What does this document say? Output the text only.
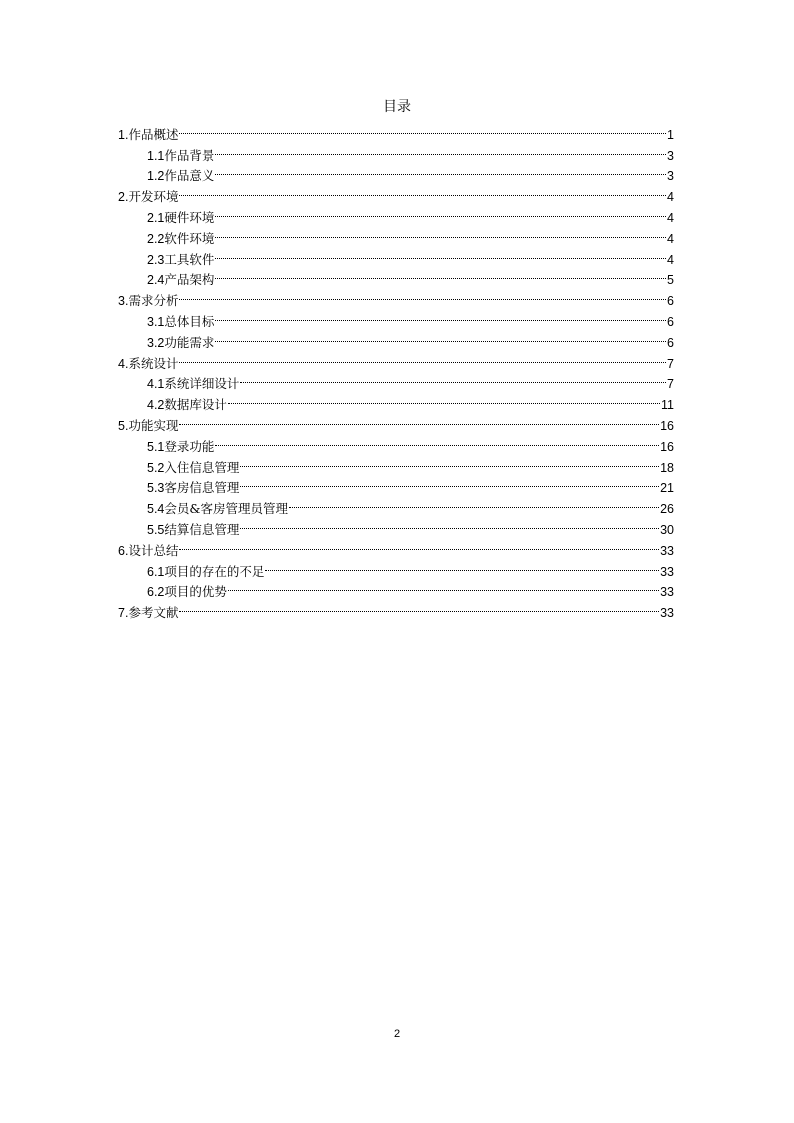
目录
1. 作品概述	1
1.1 作品背景	3
1.2 作品意义	3
2. 开发环境	4
2.1 硬件环境	4
2.2 软件环境	4
2.3 工具软件	4
2.4 产品架构	5
3. 需求分析	6
3.1 总体目标	6
3.2 功能需求	6
4. 系统设计	7
4.1 系统详细设计	7
4.2 数据库设计	11
5. 功能实现	16
5.1 登录功能	16
5.2 入住信息管理	18
5.3 客房信息管理	21
5.4 会员&客房管理员管理	26
5.5 结算信息管理	30
6. 设计总结	33
6.1 项目的存在的不足	33
6.2 项目的优势	33
7. 参考文献	33
2
